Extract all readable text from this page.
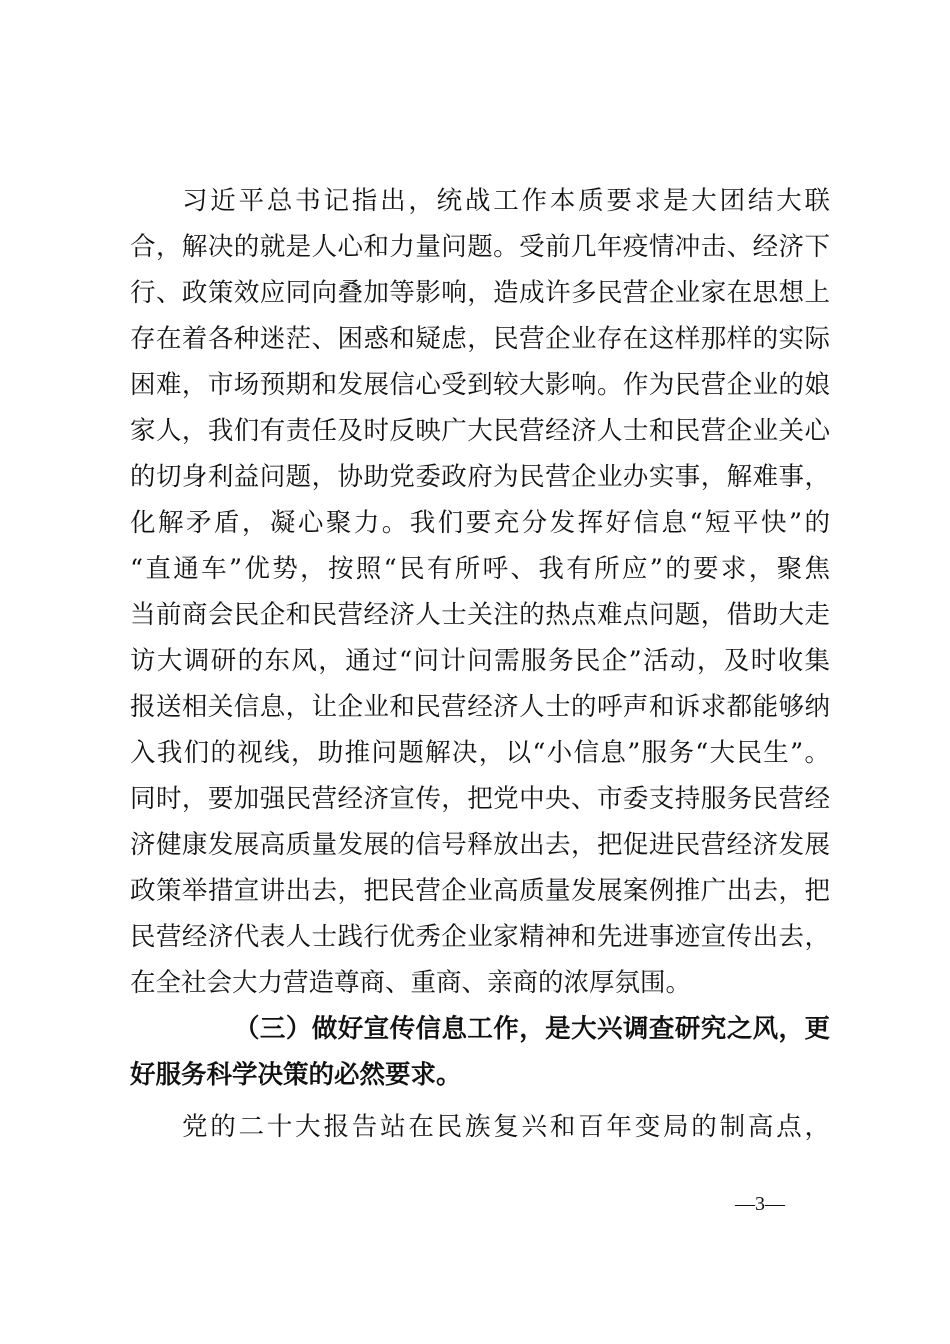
习近平总书记指出，统战工作本质要求是大团结大联
合，解决的就是人心和力量问题。受前几年疫情冲击、经济下
行、政策效应同向叠加等影响，造成许多民营企业家在思想上
存在着各种迷茫、困惑和疑虑，民营企业存在这样那样的实际
困难，市场预期和发展信心受到较大影响。作为民营企业的娘
家人，我们有责任及时反映广大民营经济人士和民营企业关心
的切身利益问题，协助党委政府为民营企业办实事，解难事，
化解矛盾，凝心聚力。我们要充分发挥好信息“短平快”的
“直通车”优势，按照“民有所呼、我有所应”的要求，聚焦
当前商会民企和民营经济人士关注的热点难点问题，借助大走
访大调研的东风，通过“问计问需服务民企”活动，及时收集
报送相关信息，让企业和民营经济人士的呼声和诉求都能够纳
入我们的视线，助推问题解决，以“小信息”服务“大民生”。
同时，要加强民营经济宣传，把党中央、市委支持服务民营经
济健康发展高质量发展的信号释放出去，把促进民营经济发展
政策举措宣讲出去，把民营企业高质量发展案例推广出去，把
民营经济代表人士践行优秀企业家精神和先进事迹宣传出去，
在全社会大力营造尊商、重商、亲商的浓厚氛围。
（三）做好宣传信息工作，是大兴调查研究之风，更
好服务科学决策的必然要求。
党的二十大报告站在民族复兴和百年变局的制高点，
—3—
